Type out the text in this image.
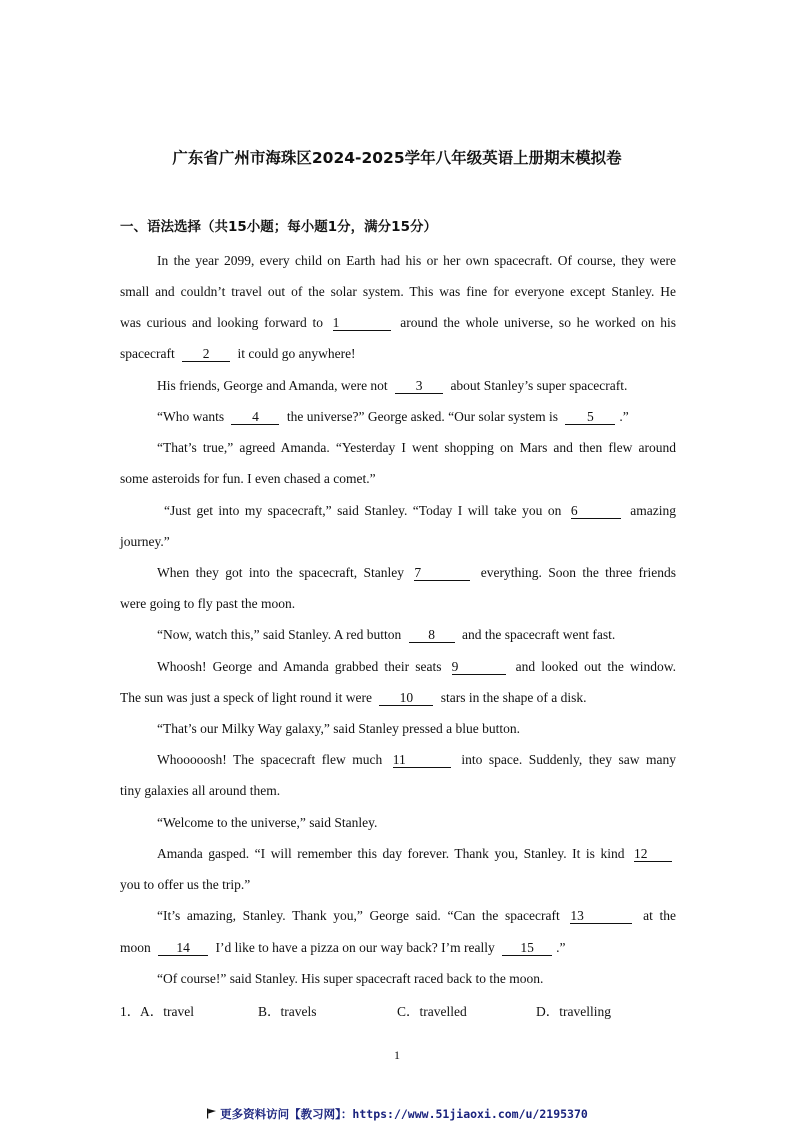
广东省广州市海珠区2024-2025学年八年级英语上册期末模拟卷
一、语法选择（共15小题；每小题1分，满分15分）
In the year 2099, every child on Earth had his or her own spacecraft. Of course, they were
small and couldn’t travel out of the solar system. This was fine for everyone except Stanley. He
was curious and looking forward to 1	around the whole universe, so he worked on his
spacecraft 2 it could go anywhere!
His friends, George and Amanda, were not 3 about Stanley’s super spacecraft.
“Who wants 4 the universe?” George asked. “Our solar system is 5 .”
“That’s true,” agreed Amanda. “Yesterday I went shopping on Mars and then flew around
some asteroids for fun. I even chased a comet.”
“Just get into my spacecraft,” said Stanley. “Today I will take you on 6	amazing
journey.”
When they got into the spacecraft, Stanley 7	everything. Soon the three friends
were going to fly past the moon.
“Now, watch this,” said Stanley. A red button 8 and the spacecraft went fast.
Whoosh! George and Amanda grabbed their seats 9	and looked out the window.
The sun was just a speck of light round it were 10 stars in the shape of a disk.
“That’s our Milky Way galaxy,” said Stanley pressed a blue button.
Whooooosh! The spacecraft flew much 11	into space. Suddenly, they saw many
tiny galaxies all around them.
“Welcome to the universe,” said Stanley.
Amanda gasped. “I will remember this day forever. Thank you, Stanley. It is kind 12
you to offer us the trip.”
“It’s amazing, Stanley. Thank you,” George said. “Can the spacecraft 13	at the
moon 14 I’d like to have a pizza on our way back? I’m really 15 .”
“Of course!” said Stanley. His super spacecraft raced back to the moon.
1． A．travel	B．travels	C．travelled	D．travelling
1
更多资料访问【教习网】：https://www.51jiaoxi.com/u/2195370
